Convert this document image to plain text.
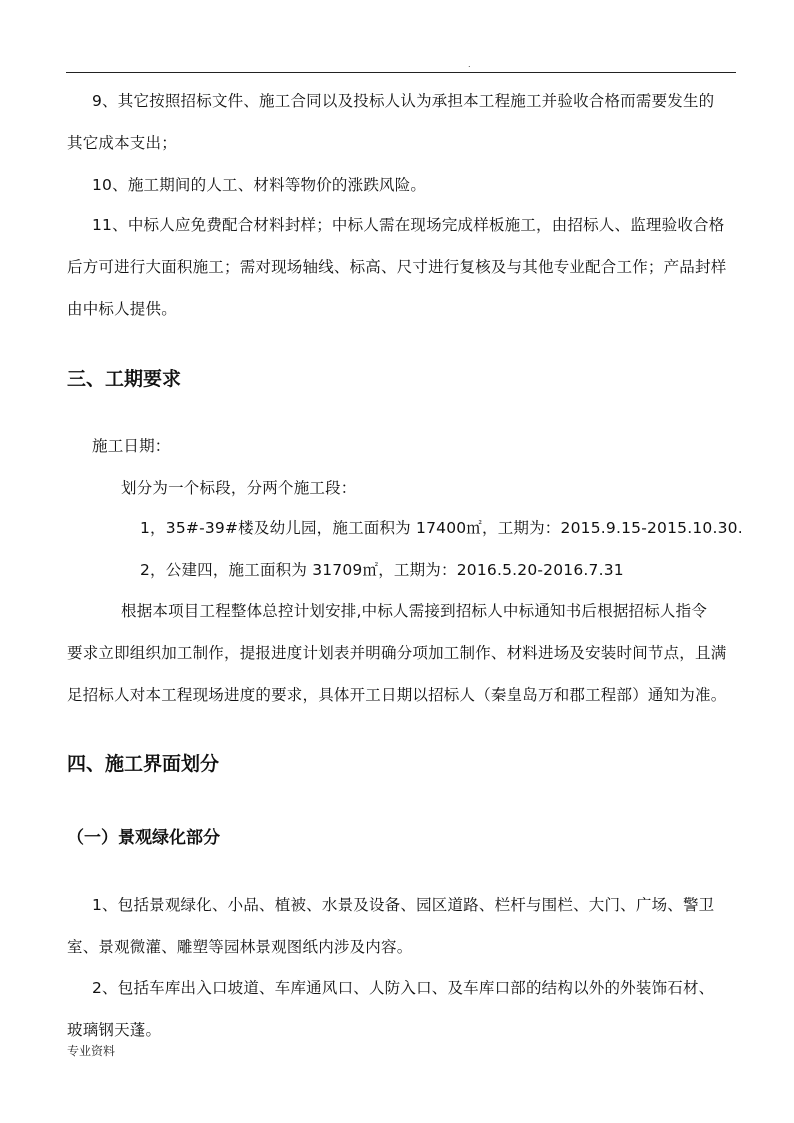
.
9、其它按照招标文件、施工合同以及投标人认为承担本工程施工并验收合格而需要发生的
其它成本支出；
10、施工期间的人工、材料等物价的涨跌风险。
11、中标人应免费配合材料封样；中标人需在现场完成样板施工，由招标人、监理验收合格
后方可进行大面积施工；需对现场轴线、标高、尺寸进行复核及与其他专业配合工作；产品封样
由中标人提供。
三、工期要求
施工日期：
划分为一个标段，分两个施工段：
1，35#-39#楼及幼儿园，施工面积为 17400㎡，工期为：2015.9.15-2015.10.30.
2，公建四，施工面积为 31709㎡，工期为：2016.5.20-2016.7.31
根据本项目工程整体总控计划安排,中标人需接到招标人中标通知书后根据招标人指令
要求立即组织加工制作，提报进度计划表并明确分项加工制作、材料进场及安装时间节点，且满
足招标人对本工程现场进度的要求，具体开工日期以招标人（秦皇岛万和郡工程部）通知为准。
四、施工界面划分
（一）景观绿化部分
1、包括景观绿化、小品、植被、水景及设备、园区道路、栏杆与围栏、大门、广场、警卫
室、景观微灌、雕塑等园林景观图纸内涉及内容。
2、包括车库出入口坡道、车库通风口、人防入口、及车库口部的结构以外的外装饰石材、
玻璃钢天蓬。
专业资料
